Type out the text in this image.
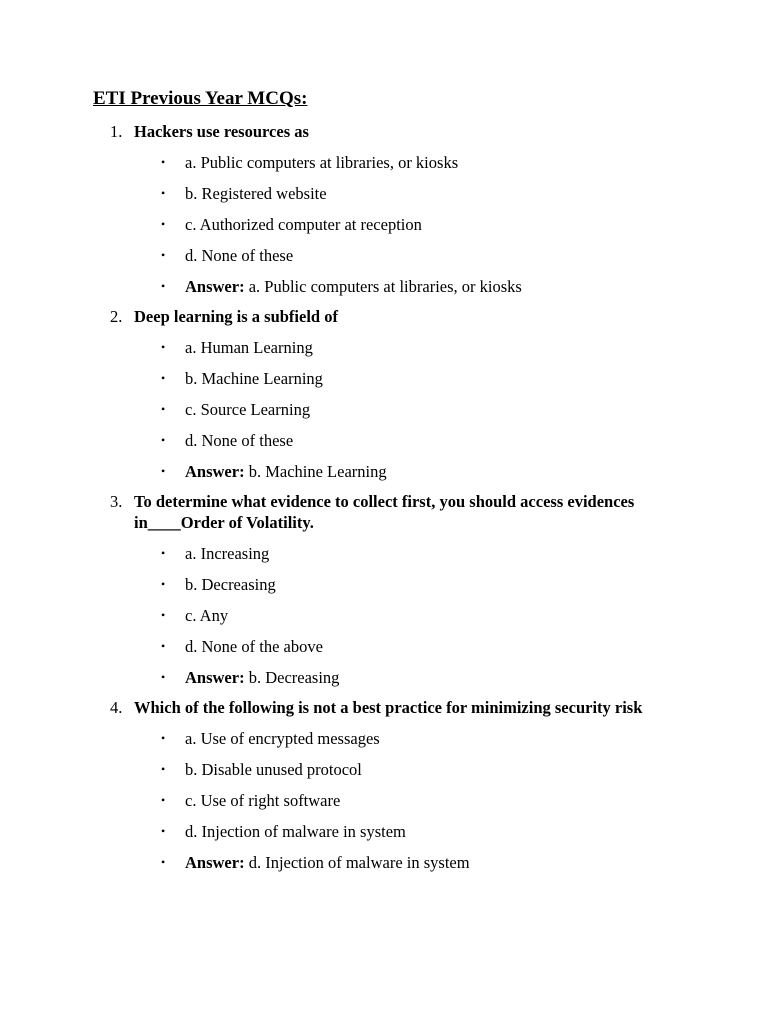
ETI Previous Year MCQs:
1. Hackers use resources as
• a. Public computers at libraries, or kiosks
• b. Registered website
• c. Authorized computer at reception
• d. None of these
• Answer: a. Public computers at libraries, or kiosks
2. Deep learning is a subfield of
• a. Human Learning
• b. Machine Learning
• c. Source Learning
• d. None of these
• Answer: b. Machine Learning
3. To determine what evidence to collect first, you should access evidences in____Order of Volatility.
• a. Increasing
• b. Decreasing
• c. Any
• d. None of the above
• Answer: b. Decreasing
4. Which of the following is not a best practice for minimizing security risk
• a. Use of encrypted messages
• b. Disable unused protocol
• c. Use of right software
• d. Injection of malware in system
• Answer: d. Injection of malware in system
